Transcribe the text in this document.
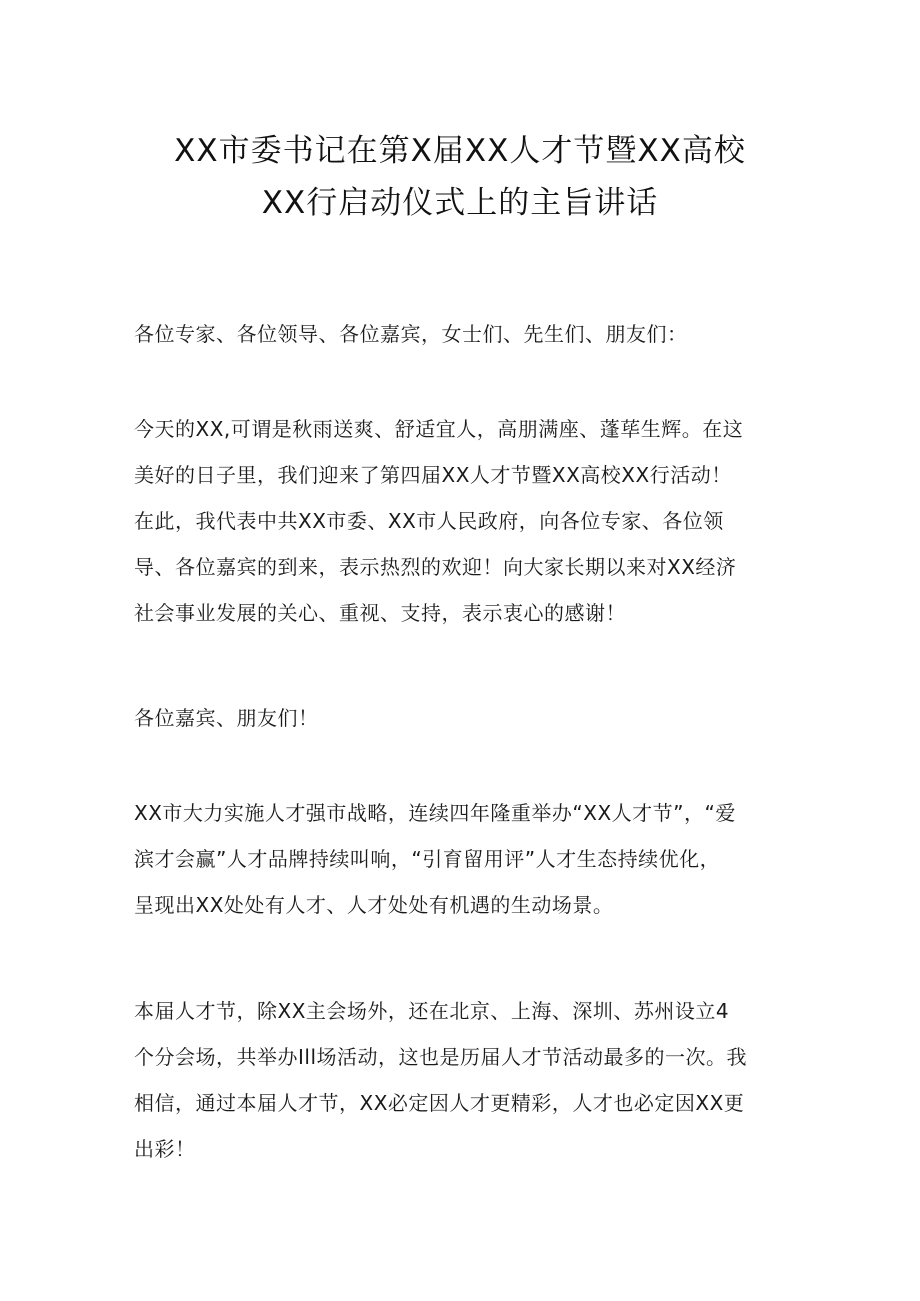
XX市委书记在第X届XX人才节暨XX高校
XX行启动仪式上的主旨讲话
各位专家、各位领导、各位嘉宾，女士们、先生们、朋友们：
今天的XX,可谓是秋雨送爽、舒适宜人，高朋满座、蓬荜生辉。在这
美好的日子里，我们迎来了第四届XX人才节暨XX高校XX行活动！
在此，我代表中共XX市委、XX市人民政府，向各位专家、各位领
导、各位嘉宾的到来，表示热烈的欢迎！向大家长期以来对XX经济
社会事业发展的关心、重视、支持，表示衷心的感谢！
各位嘉宾、朋友们！
XX市大力实施人才强市战略，连续四年隆重举办“XX人才节”，“爱
滨才会赢”人才品牌持续叫响，“引育留用评”人才生态持续优化，
呈现出XX处处有人才、人才处处有机遇的生动场景。
本届人才节，除XX主会场外，还在北京、上海、深圳、苏州设立4
个分会场，共举办Ill场活动，这也是历届人才节活动最多的一次。我
相信，通过本届人才节，XX必定因人才更精彩，人才也必定因XX更
出彩！
